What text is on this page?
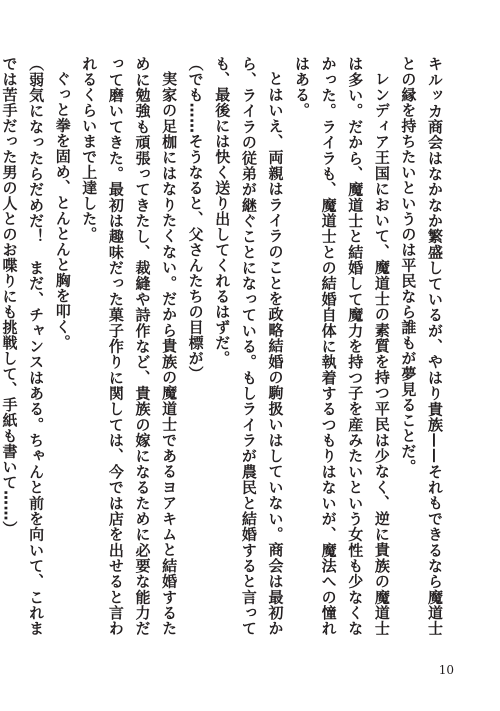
キルッカ商会はなかなか繁盛しているが、やはり貴族——それもできるなら魔道士との縁を持ちたいというのは平民なら誰もが夢見ることだ。

レンディア王国において、魔道士の素質を持つ平民は少なく、逆に貴族の魔道士は多い。だから、魔道士と結婚して魔力を持つ子を産みたいという女性も少なくなかった。ライラも、魔道士との結婚自体に執着するつもりはないが、魔法への憧れはある。

とはいえ、両親はライラのことを政略結婚の駒扱いはしていない。商会は最初から、ライラの従弟が継ぐことになっている。もしライラが農民と結婚すると言っても、最後には快く送り出してくれるはずだ。

（でも……そうなると、父さんたちの目標が）

実家の足枷にはなりたくない。だから貴族の魔道士であるヨアキムと結婚するために勉強も頑張ってきたし、裁縫や詩作など、貴族の嫁になるために必要な能力だって磨いてきた。最初は趣味だった菓子作りに関しては、今では店を出せると言われるくらいまで上達した。

ぐっと拳を固め、とんとんと胸を叩く。

（弱気になったらだめだ！　まだ、チャンスはある。ちゃんと前を向いて、これまでは苦手だった男の人とのお喋りにも挑戦して、手紙も書いて……）

10
